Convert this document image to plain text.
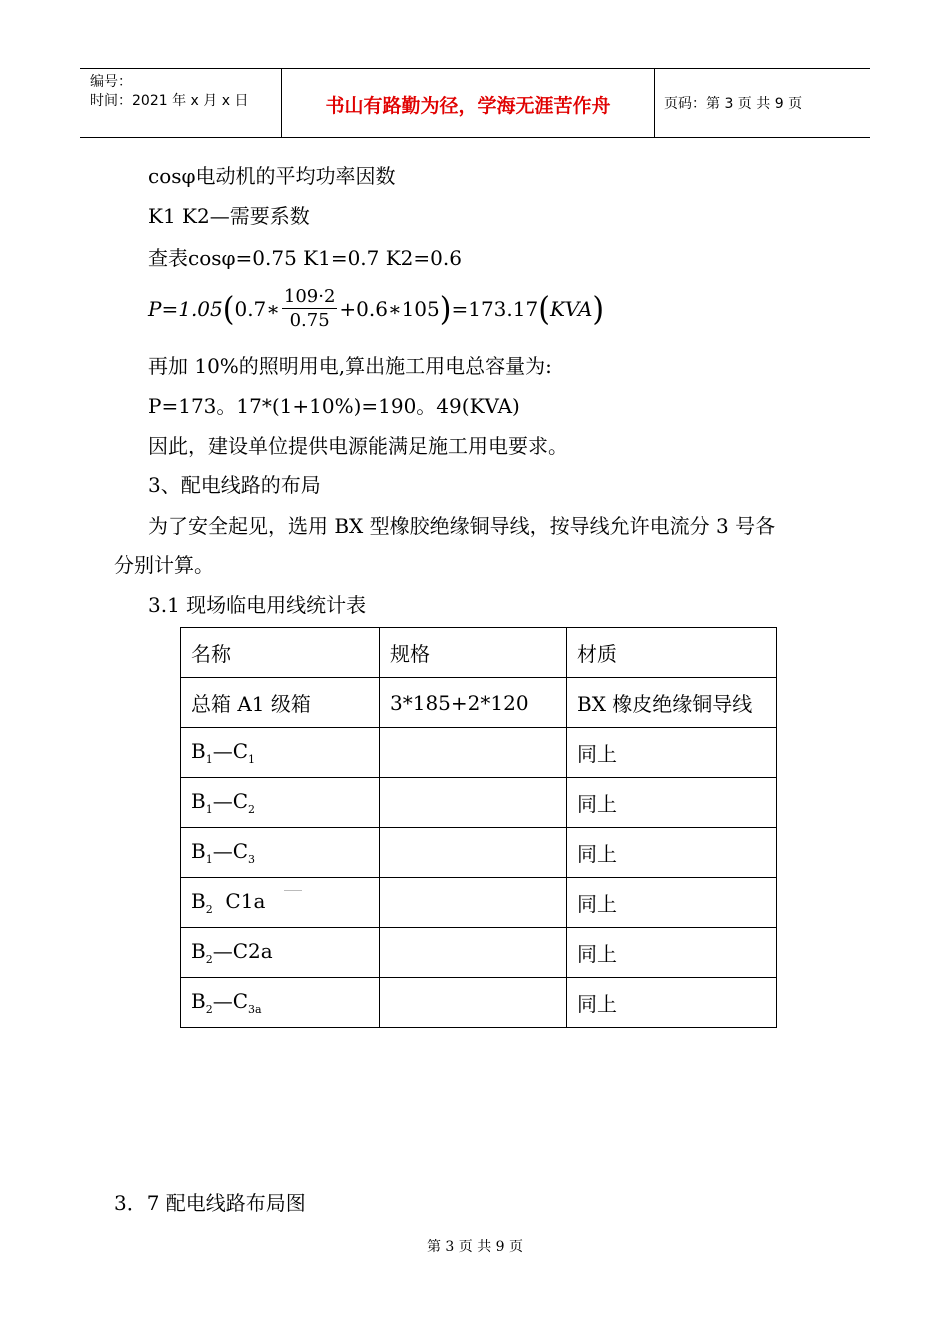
编号：
时间：2021 年 x 月 x 日	书山有路勤为径，学海无涯苦作舟	页码：第 3 页 共 9 页
cosφ电动机的平均功率因数
K1 K2—需要系数
查表cosφ=0.75 K1=0.7 K2=0.6
P=1.05 ( 0.7∗ $\frac{109\cdot 2}{0.75}$ +0.6∗105 ) =173.17 ( KVA )
再加 10%的照明用电,算出施工用电总容量为:
P=173。17*(1+10%)=190。49(KVA)
因此，建设单位提供电源能满足施工用电要求。
3、配电线路的布局
为了安全起见，选用 BX 型橡胶绝缘铜导线，按导线允许电流分 3 号各
分别计算。
3.1 现场临电用线统计表
名称	规格	材质
总箱 A1 级箱	3*185+2*120	BX 橡皮绝缘铜导线
$B_1—C_1$		同上
$B_1—C_2$		同上
$B_1—C_3$		同上
$B_2$  C1a		同上
$B_2—C2a$		同上
$B_2—C_{3a}$		同上
3．7 配电线路布局图
第 3 页 共 9 页
